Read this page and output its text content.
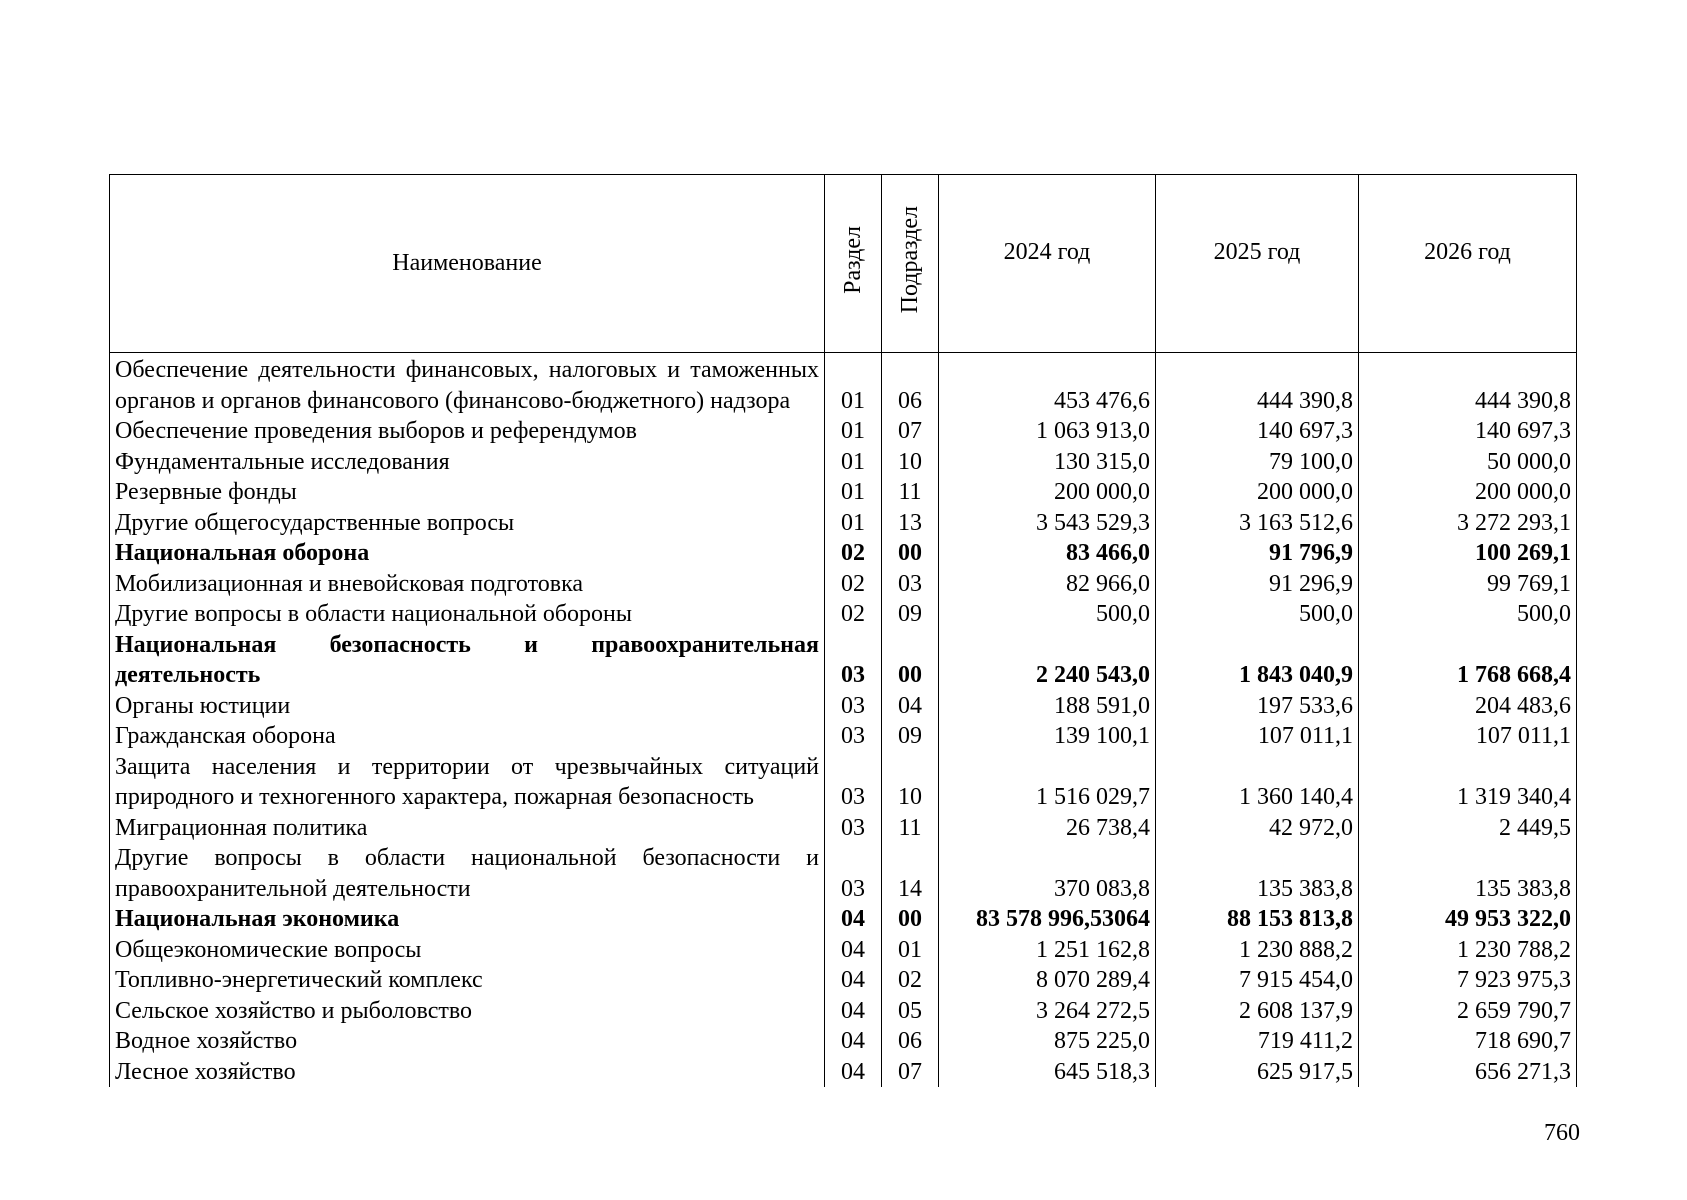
Наименование	Раздел	Подраздел	2024 год	2025 год	2026 год
Обеспечение деятельности финансовых, налоговых и таможенных органов и органов финансового (финансово-бюджетного) надзора	01	06	453 476,6	444 390,8	444 390,8
Обеспечение проведения выборов и референдумов	01	07	1 063 913,0	140 697,3	140 697,3
Фундаментальные исследования	01	10	130 315,0	79 100,0	50 000,0
Резервные фонды	01	11	200 000,0	200 000,0	200 000,0
Другие общегосударственные вопросы	01	13	3 543 529,3	3 163 512,6	3 272 293,1
Национальная оборона	02	00	83 466,0	91 796,9	100 269,1
Мобилизационная и вневойсковая подготовка	02	03	82 966,0	91 296,9	99 769,1
Другие вопросы в области национальной обороны	02	09	500,0	500,0	500,0
Национальная безопасность и правоохранительная деятельность	03	00	2 240 543,0	1 843 040,9	1 768 668,4
Органы юстиции	03	04	188 591,0	197 533,6	204 483,6
Гражданская оборона	03	09	139 100,1	107 011,1	107 011,1
Защита населения и территории от чрезвычайных ситуаций природного и техногенного характера, пожарная безопасность	03	10	1 516 029,7	1 360 140,4	1 319 340,4
Миграционная политика	03	11	26 738,4	42 972,0	2 449,5
Другие вопросы в области национальной безопасности и правоохранительной деятельности	03	14	370 083,8	135 383,8	135 383,8
Национальная экономика	04	00	83 578 996,53064	88 153 813,8	49 953 322,0
Общеэкономические вопросы	04	01	1 251 162,8	1 230 888,2	1 230 788,2
Топливно-энергетический комплекс	04	02	8 070 289,4	7 915 454,0	7 923 975,3
Сельское хозяйство и рыболовство	04	05	3 264 272,5	2 608 137,9	2 659 790,7
Водное хозяйство	04	06	875 225,0	719 411,2	718 690,7
Лесное хозяйство	04	07	645 518,3	625 917,5	656 271,3
760
